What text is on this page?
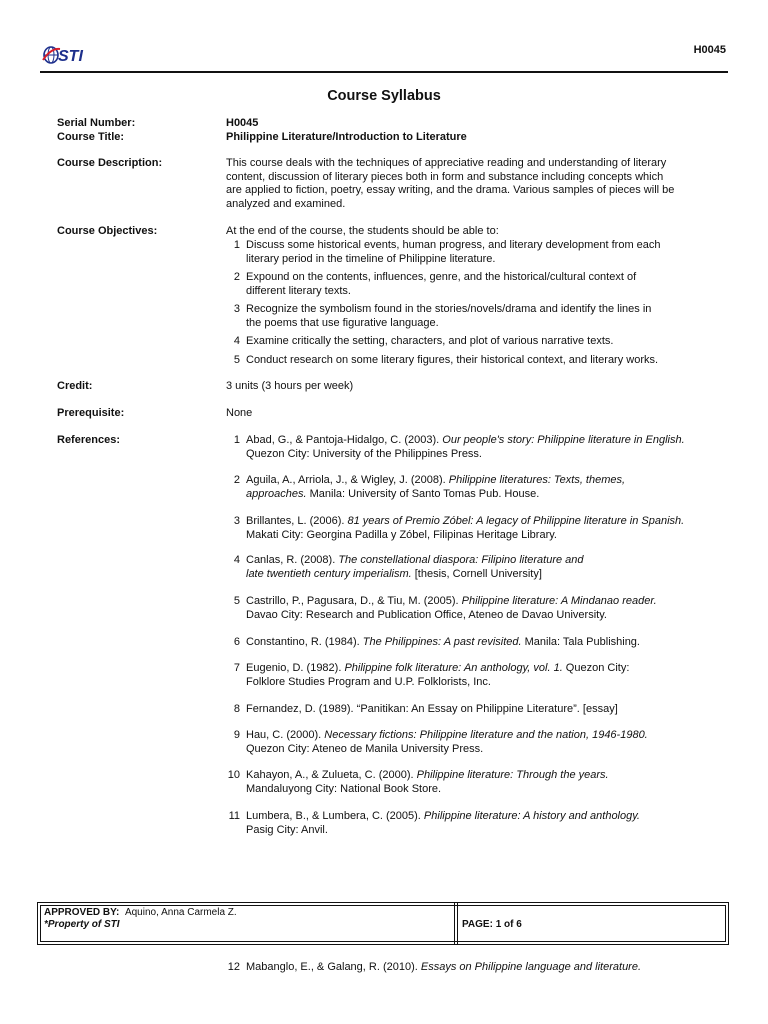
STI	H0045
Course Syllabus
Serial Number:	H0045
Course Title:	Philippine Literature/Introduction to Literature
Course Description:	This course deals with the techniques of appreciative reading and understanding of literary
content, discussion of literary pieces both in form and substance including concepts which
are applied to fiction, poetry, essay writing, and the drama. Various samples of pieces will be
analyzed and examined.
Course Objectives:	At the end of the course, the students should be able to:
1 Discuss some historical events, human progress, and literary development from each
literary period in the timeline of Philippine literature.
2 Expound on the contents, influences, genre, and the historical/cultural context of
different literary texts.
3 Recognize the symbolism found in the stories/novels/drama and identify the lines in
the poems that use figurative language.
4 Examine critically the setting, characters, and plot of various narrative texts.
5 Conduct research on some literary figures, their historical context, and literary works.
Credit:	3 units (3 hours per week)
Prerequisite:	None
References:	1 Abad, G., & Pantoja-Hidalgo, C. (2003). Our people's story: Philippine literature in English.
Quezon City: University of the Philippines Press.
2 Aguila, A., Arriola, J., & Wigley, J. (2008). Philippine literatures: Texts, themes,
approaches. Manila: University of Santo Tomas Pub. House.
3 Brillantes, L. (2006). 81 years of Premio Zóbel: A legacy of Philippine literature in Spanish.
Makati City: Georgina Padilla y Zóbel, Filipinas Heritage Library.
4 Canlas, R. (2008). The constellational diaspora: Filipino literature and
late twentieth century imperialism. [thesis, Cornell University]
5 Castrillo, P., Pagusara, D., & Tiu, M. (2005). Philippine literature: A Mindanao reader.
Davao City: Research and Publication Office, Ateneo de Davao University.
6 Constantino, R. (1984). The Philippines: A past revisited. Manila: Tala Publishing.
7 Eugenio, D. (1982). Philippine folk literature: An anthology, vol. 1. Quezon City:
Folklore Studies Program and U.P. Folklorists, Inc.
8 Fernandez, D. (1989). “Panitikan: An Essay on Philippine Literature”. [essay]
9 Hau, C. (2000). Necessary fictions: Philippine literature and the nation, 1946-1980.
Quezon City: Ateneo de Manila University Press.
10 Kahayon, A., & Zulueta, C. (2000). Philippine literature: Through the years.
Mandaluyong City: National Book Store.
11 Lumbera, B., & Lumbera, C. (2005). Philippine literature: A history and anthology.
Pasig City: Anvil.
APPROVED BY: Aquino, Anna Carmela Z.
*Property of STI	PAGE: 1 of 6
12 Mabanglo, E., & Galang, R. (2010). Essays on Philippine language and literature.
